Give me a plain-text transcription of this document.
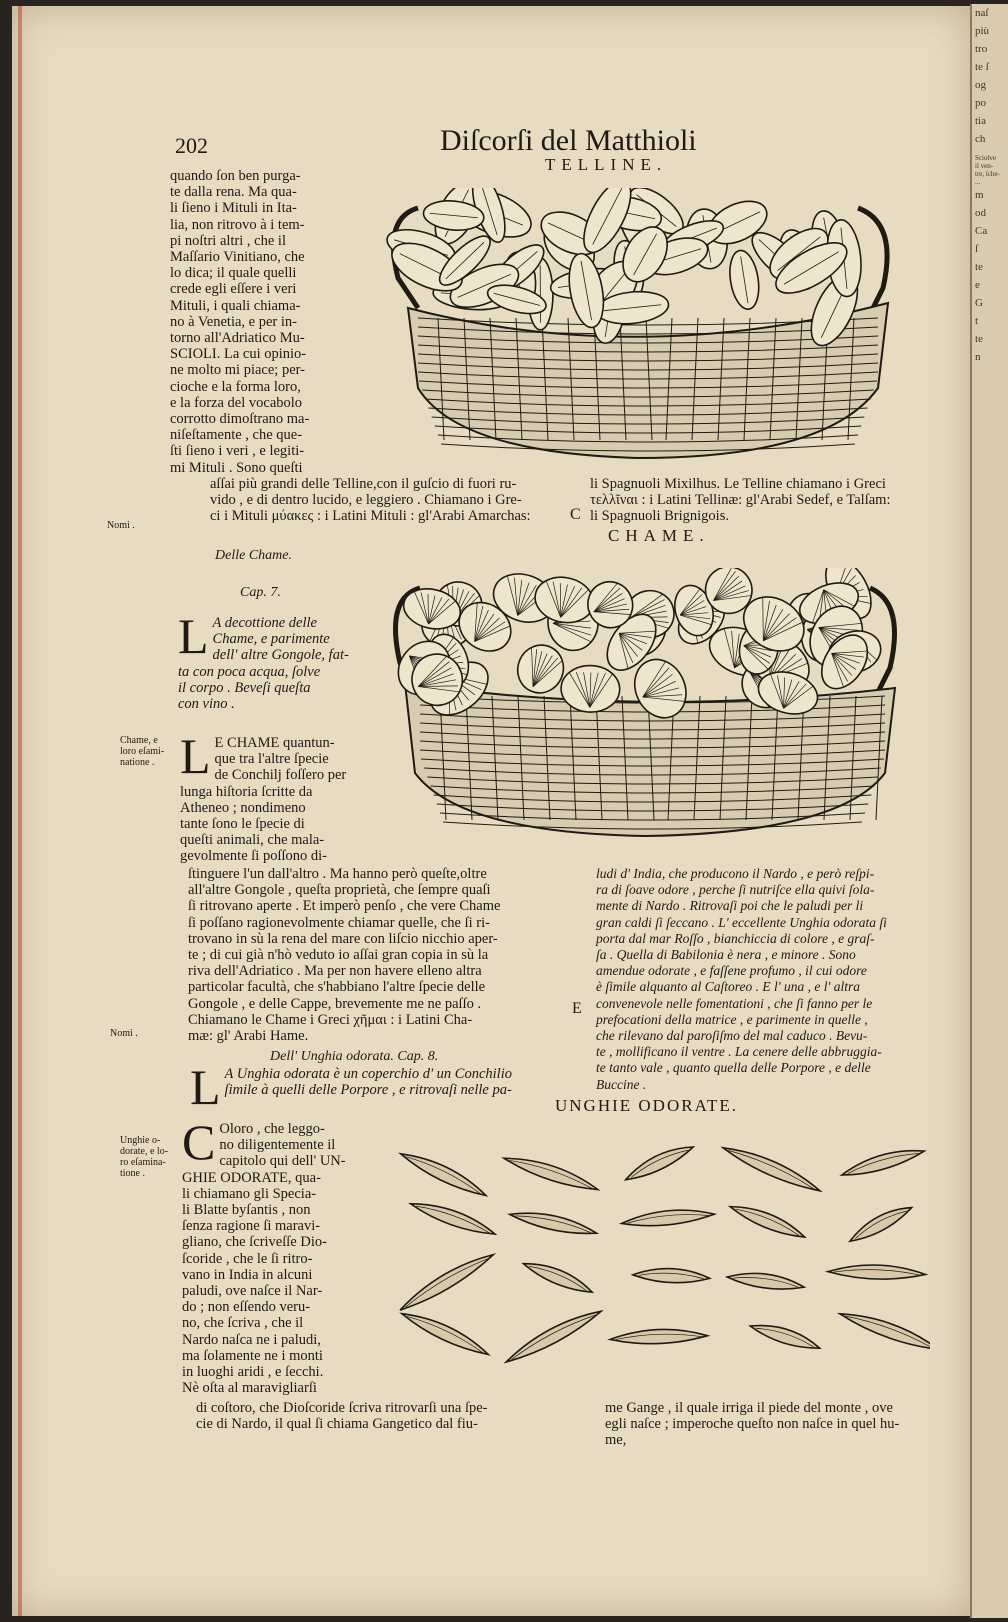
naſ
più
tro
te ſ
og
po
tia
ch
Sciolve
il ven-
tre, ſche-
...
m
od
Ca
ſ
te
e
G
t
te
n
202	Diſcorſi del Matthioli
TELLINE.
CHAME.
UNGHIE ODORATE.
quando ſon ben purga-
te dalla rena. Ma qua-
li ſieno i Mituli in Ita-
lia, non ritrovo à i tem-
pi noſtri altri , che il
Maſſario Vinitiano, che
lo dica; il quale quelli
crede egli eſſere i veri
Mituli, i quali chiama-
no à Venetia, e per in-
torno all'Adriatico Mu-
SCIOLI. La cui opinio-
ne molto mi piace; per-
cioche e la forma loro,
e la forza del vocabolo
corrotto dimoſtrano ma-
niſeſtamente , che que-
ſti ſieno i veri , e legiti-
mi Mituli . Sono queſti
aſſai più grandi delle Telline,con il guſcio di fuori ru-
vido , e di dentro lucido, e leggiero . Chiamano i Gre-
ci i Mituli μύακες : i Latini Mituli : gl'Arabi Amarchas:	C
li Spagnuoli Mixilhus. Le Telline chiamano i Greci
τελλῖναι : i Latini Tellinæ: gl'Arabi Sedef, e Talſam:
li Spagnuoli Brignigois.
Nomi .
Delle Chame.
Cap. 7.
L A decottione delle
Chame, e parimente
dell' altre Gongole, fat-
ta con poca acqua, ſolve
il corpo . Beveſi queſta
con vino .
Chame, e
loro eſami-
natione . L E CHAME quantun-
que tra l'altre ſpecie
de Conchilj foſſero per
lunga hiſtoria ſcritte da
Atheneo ; nondimeno
tante ſono le ſpecie di
queſti animali, che mala-
gevolmente ſi poſſono di-
ſtinguere l'un dall'altro . Ma hanno però queſte,oltre
all'altre Gongole , queſta proprietà, che ſempre quaſi
ſi ritrovano aperte . Et imperò penſo , che vere Chame
ſi poſſano ragionevolmente chiamar quelle, che ſi ri-
trovano in sù la rena del mare con liſcio nicchio aper-
te ; di cui già n'hò veduto io aſſai gran copia in sù la
riva dell'Adriatico . Ma per non havere elleno altra
particolar facultà, che s'habbiano l'altre ſpecie delle
Gongole , e delle Cappe, brevemente me ne paſſo .
Chiamano le Chame i Greci χῆμαι : i Latini Cha-
mæ: gl' Arabi Hame.
Nomi .
E
Dell' Unghia odorata. Cap. 8.
L A Unghia odorata è un coperchio d' un Conchilio
ſimile à quelli delle Porpore , e ritrovaſi nelle pa-
ludi d' India, che producono il Nardo , e però reſpi-
ra di ſoave odore , perche ſi nutriſce ella quivi ſola-
mente di Nardo . Ritrovaſi poi che le paludi per li
gran caldi ſi ſeccano . L' eccellente Unghia odorata ſi
porta dal mar Roſſo , bianchiccia di colore , e graſ-
ſa . Quella di Babilonia è nera , e minore . Sono
amendue odorate , e faſſene profumo , il cui odore
è ſimile alquanto al Caſtoreo . E l' una , e l' altra
convenevole nelle fomentationi , che ſi fanno per le
prefocationi della matrice , e parimente in quelle ,
che rilevano dal paroſiſmo del mal caduco . Bevu-
te , mollificano il ventre . La cenere delle abbruggia-
te tanto vale , quanto quella delle Porpore , e delle
Buccine .
Unghie o-
dorate, e lo-
ro eſamina-
tione .
C Oloro , che leggo-
no diligentemente il
capitolo qui dell' UN-
GHIE ODORATE, qua-
li chiamano gli Specia-
li Blatte byſantis , non
ſenza ragione ſi maravi-
gliano, che ſcriveſſe Dio-
ſcoride , che le ſi ritro-
vano in India in alcuni
paludi, ove naſce il Nar-
do ; non eſſendo veru-
no, che ſcriva , che il
Nardo naſca ne i paludi,
ma ſolamente ne i monti
in luoghi aridi , e ſecchi.
Nè oſta al maravigliarſi
di coſtoro, che Dioſcoride ſcriva ritrovarſi una ſpe-
cie di Nardo, il qual ſi chiama Gangetico dal fiu-
me Gange , il quale irriga il piede del monte , ove
egli naſce ; imperoche queſto non naſce in quel hu-
me,
